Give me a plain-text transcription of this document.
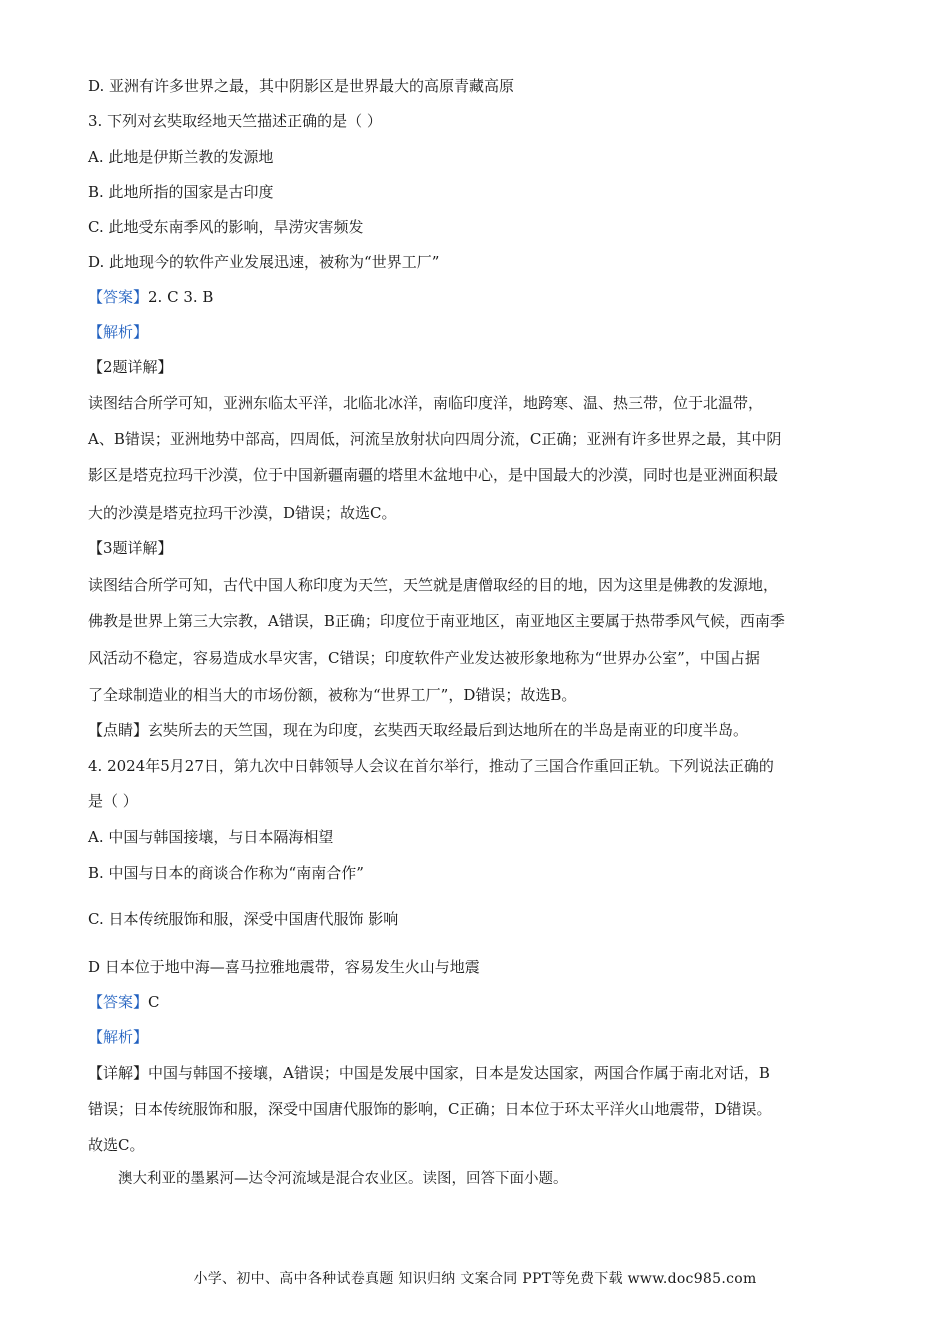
D. 亚洲有许多世界之最，其中阴影区是世界最大的高原青藏高原
3. 下列对玄奘取经地天竺描述正确的是（ ）
A. 此地是伊斯兰教的发源地
B. 此地所指的国家是古印度
C. 此地受东南季风的影响，旱涝灾害频发
D. 此地现今的软件产业发展迅速，被称为“世界工厂”
【答案】2. C 3. B
【解析】
【2题详解】
读图结合所学可知，亚洲东临太平洋，北临北冰洋，南临印度洋，地跨寒、温、热三带，位于北温带，
A、B错误；亚洲地势中部高，四周低，河流呈放射状向四周分流，C正确；亚洲有许多世界之最，其中阴
影区是塔克拉玛干沙漠，位于中国新疆南疆的塔里木盆地中心，是中国最大的沙漠，同时也是亚洲面积最
大的沙漠是塔克拉玛干沙漠，D错误；故选C。
【3题详解】
读图结合所学可知，古代中国人称印度为天竺，天竺就是唐僧取经的目的地，因为这里是佛教的发源地，
佛教是世界上第三大宗教，A错误，B正确；印度位于南亚地区，南亚地区主要属于热带季风气候，西南季
风活动不稳定，容易造成水旱灾害，C错误；印度软件产业发达被形象地称为“世界办公室”，中国占据
了全球制造业的相当大的市场份额，被称为“世界工厂”，D错误；故选B。
【点睛】玄奘所去的天竺国，现在为印度，玄奘西天取经最后到达地所在的半岛是南亚的印度半岛。
4. 2024年5月27日，第九次中日韩领导人会议在首尔举行，推动了三国合作重回正轨。下列说法正确的
是（ ）
A. 中国与韩国接壤，与日本隔海相望
B. 中国与日本的商谈合作称为“南南合作”
C. 日本传统服饰和服，深受中国唐代服饰 影响
D 日本位于地中海—喜马拉雅地震带，容易发生火山与地震
【答案】C
【解析】
【详解】中国与韩国不接壤，A错误；中国是发展中国家，日本是发达国家，两国合作属于南北对话，B
错误；日本传统服饰和服，深受中国唐代服饰的影响，C正确；日本位于环太平洋火山地震带，D错误。
故选C。
澳大利亚的墨累河—达令河流域是混合农业区。读图，回答下面小题。
小学、初中、高中各种试卷真题 知识归纳 文案合同 PPT等免费下载 www.doc985.com
